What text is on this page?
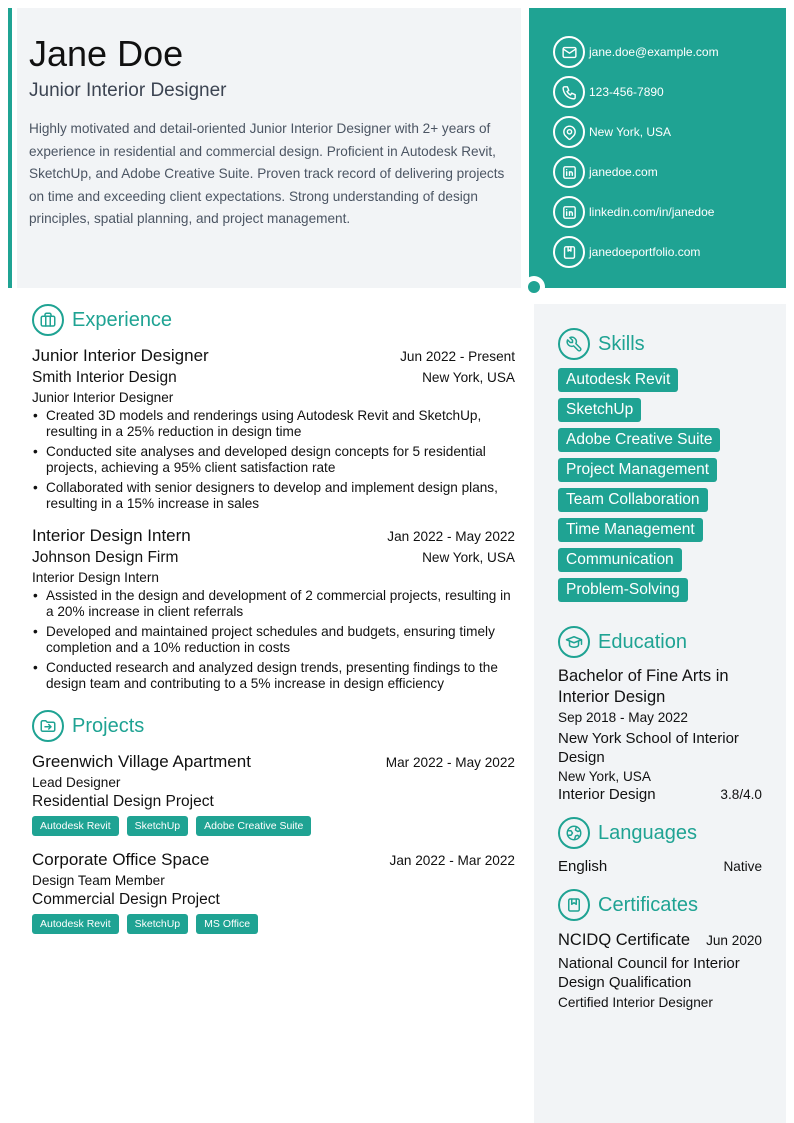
Jane Doe
Junior Interior Designer

Highly motivated and detail-oriented Junior Interior Designer with 2+ years of experience in residential and commercial design. Proficient in Autodesk Revit, SketchUp, and Adobe Creative Suite. Proven track record of delivering projects on time and exceeding client expectations. Strong understanding of design principles, spatial planning, and project management.

jane.doe@example.com
123-456-7890
New York, USA
janedoe.com
linkedin.com/in/janedoe
janedoeportfolio.com
Experience
Junior Interior Designer	Jun 2022 - Present
Smith Interior Design	New York, USA
Junior Interior Designer
• Created 3D models and renderings using Autodesk Revit and SketchUp, resulting in a 25% reduction in design time
• Conducted site analyses and developed design concepts for 5 residential projects, achieving a 95% client satisfaction rate
• Collaborated with senior designers to develop and implement design plans, resulting in a 15% increase in sales
Interior Design Intern	Jan 2022 - May 2022
Johnson Design Firm	New York, USA
Interior Design Intern
• Assisted in the design and development of 2 commercial projects, resulting in a 20% increase in client referrals
• Developed and maintained project schedules and budgets, ensuring timely completion and a 10% reduction in costs
• Conducted research and analyzed design trends, presenting findings to the design team and contributing to a 5% increase in design efficiency
Projects
Greenwich Village Apartment	Mar 2022 - May 2022
Lead Designer
Residential Design Project
Autodesk Revit	SketchUp	Adobe Creative Suite
Corporate Office Space	Jan 2022 - Mar 2022
Design Team Member
Commercial Design Project
Autodesk Revit	SketchUp	MS Office
Skills
Autodesk Revit
SketchUp
Adobe Creative Suite
Project Management
Team Collaboration
Time Management
Communication
Problem-Solving
Education
Bachelor of Fine Arts in Interior Design
Sep 2018 - May 2022
New York School of Interior Design
New York, USA
Interior Design	3.8/4.0
Languages
English	Native
Certificates
NCIDQ Certificate Jun 2020
National Council for Interior Design Qualification
Certified Interior Designer
